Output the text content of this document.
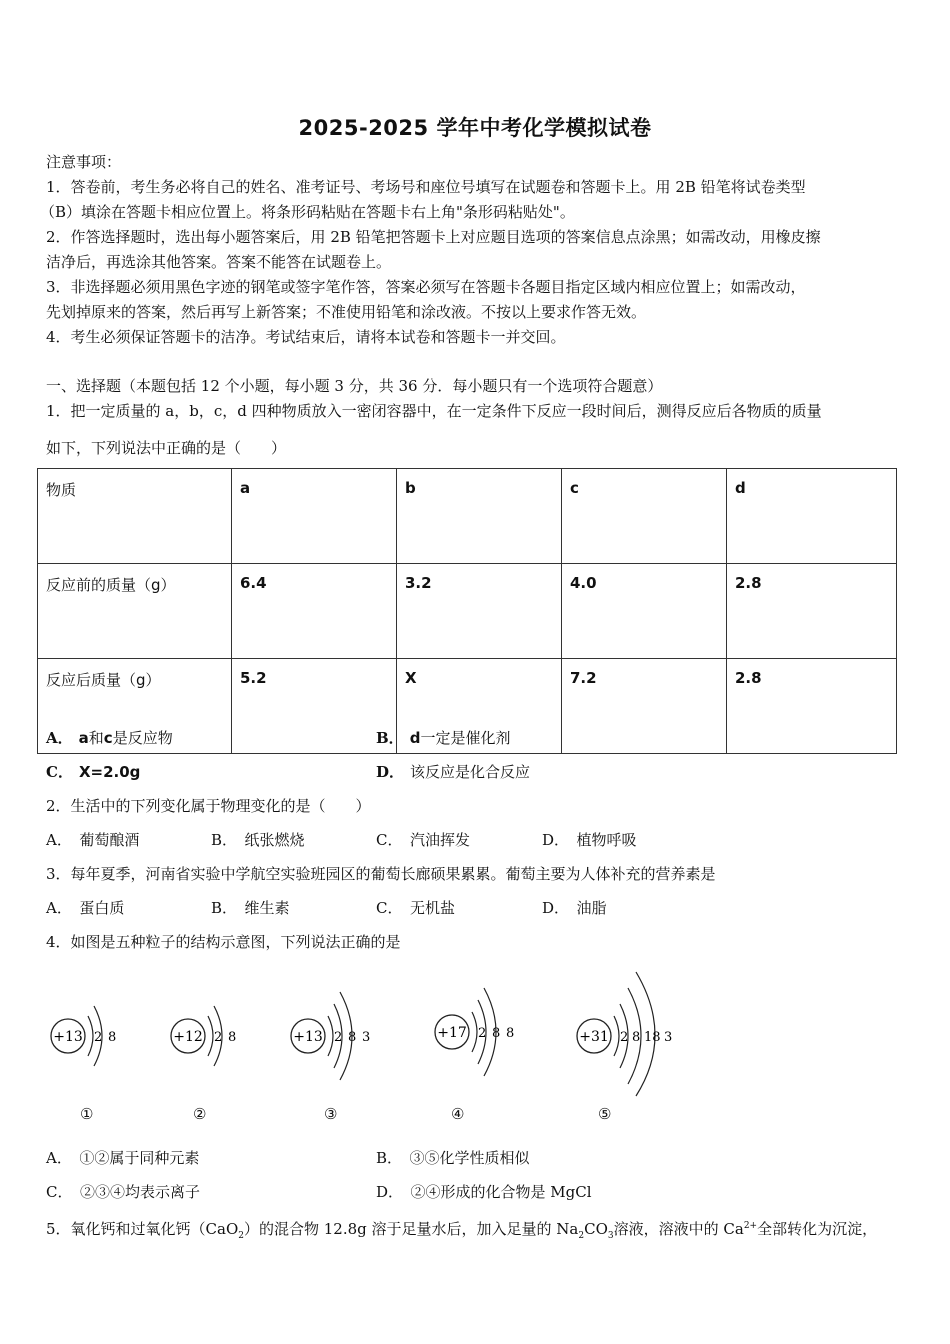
2025-2025 学年中考化学模拟试卷
注意事项：
1．答卷前，考生务必将自己的姓名、准考证号、考场号和座位号填写在试题卷和答题卡上。用 2B 铅笔将试卷类型
（B）填涂在答题卡相应位置上。将条形码粘贴在答题卡右上角"条形码粘贴处"。
2．作答选择题时，选出每小题答案后，用 2B 铅笔把答题卡上对应题目选项的答案信息点涂黑；如需改动，用橡皮擦
洁净后，再选涂其他答案。答案不能答在试题卷上。
3．非选择题必须用黑色字迹的钢笔或签字笔作答，答案必须写在答题卡各题目指定区域内相应位置上；如需改动，
先划掉原来的答案，然后再写上新答案；不准使用铅笔和涂改液。不按以上要求作答无效。
4．考生必须保证答题卡的洁净。考试结束后，请将本试卷和答题卡一并交回。
一、选择题（本题包括 12 个小题，每小题 3 分，共 36 分．每小题只有一个选项符合题意）
1．把一定质量的 a，b，c，d 四种物质放入一密闭容器中，在一定条件下反应一段时间后，测得反应后各物质的质量
如下，下列说法中正确的是（　　）
物质	a	b	c	d
反应前的质量（g）	6.4	3.2	4.0	2.8
反应后质量（g）	5.2	X	7.2	2.8
A． a和c是反应物	B． d一定是催化剂
C． X=2.0g	D． 该反应是化合反应
2．生活中的下列变化属于物理变化的是（　　）
A．　葡萄酿酒	B．　纸张燃烧	C．　汽油挥发	D．　植物呼吸
3．每年夏季，河南省实验中学航空实验班园区的葡萄长廊硕果累累。葡萄主要为人体补充的营养素是
A．　蛋白质	B．　维生素	C．　无机盐	D．　油脂
4．如图是五种粒子的结构示意图，下列说法正确的是
+13 2 8	+12 2 8	+13 2 8 3	+17 2 8 8	+31 2 8 18 3
①	②	③	④	⑤
A．　①②属于同种元素	B．　③⑤化学性质相似
C．　②③④均表示离子	D．　②④形成的化合物是 MgCl
5．氧化钙和过氧化钙（CaO$_2$）的混合物 12.8g 溶于足量水后，加入足量的 $Na_2CO_3$溶液，溶液中的 $Ca^{2+}$全部转化为沉淀，
